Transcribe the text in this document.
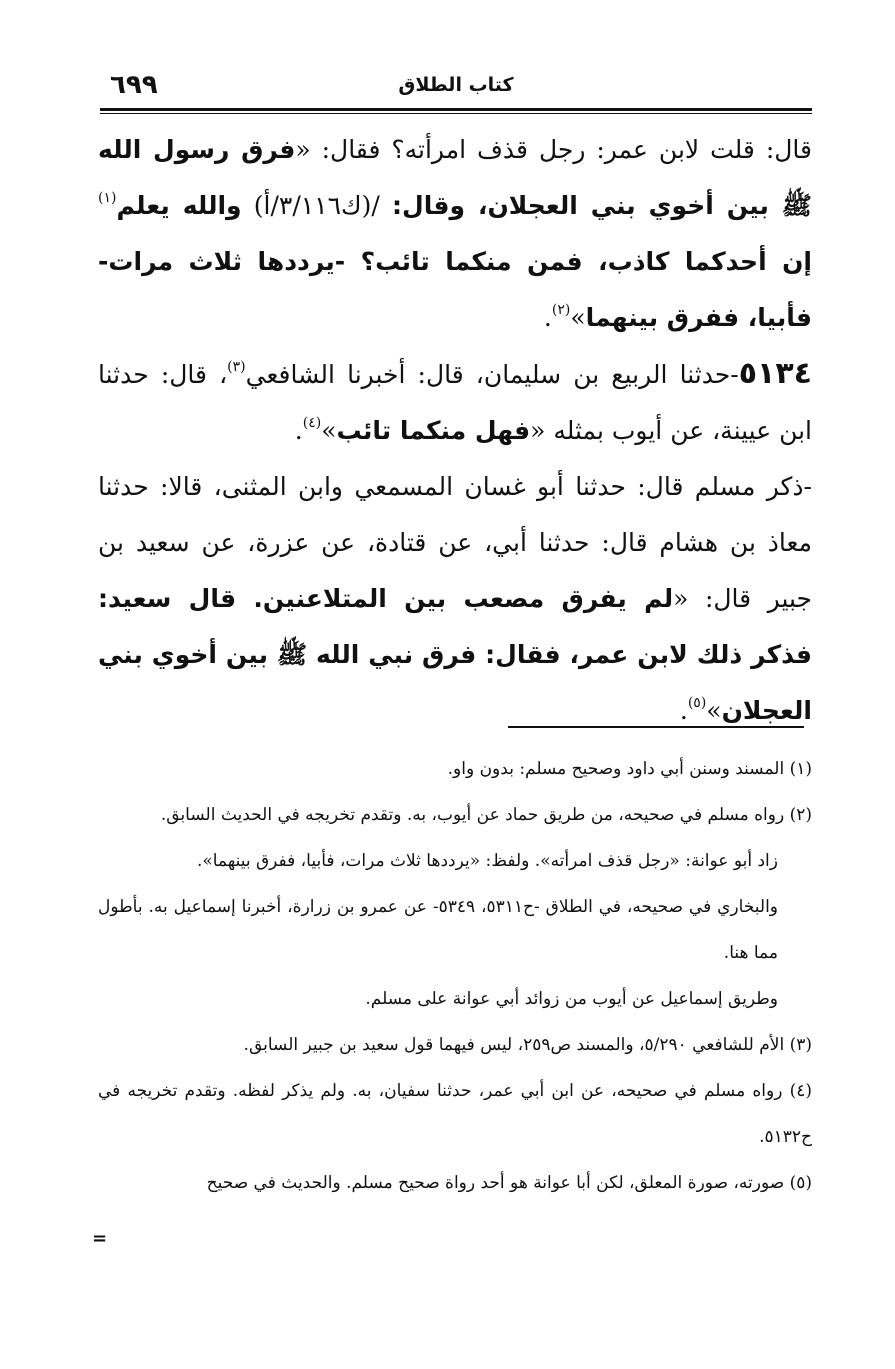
٦٩٩	كتاب الطلاق

قال: قلت لابن عمر: رجل قذف امرأته؟ فقال: «فرق رسول الله ﷺ بين أخوي بني العجلان، وقال: /(ك٣/١١٦/أ) والله يعلم$^{(١)}$ إن أحدكما كاذب، فمن منكما تائب؟ -يرددها ثلاث مرات- فأبيا، ففرق بينهما»$^{(٢)}$.

٥١٣٤-حدثنا الربيع بن سليمان، قال: أخبرنا الشافعي$^{(٣)}$، قال: حدثنا ابن عيينة، عن أيوب بمثله «فهل منكما تائب»$^{(٤)}$.

-ذكر مسلم قال: حدثنا أبو غسان المسمعي وابن المثنى، قالا: حدثنا معاذ بن هشام قال: حدثنا أبي، عن قتادة، عن عزرة، عن سعيد بن جبير قال: «لم يفرق مصعب بين المتلاعنين. قال سعيد: فذكر ذلك لابن عمر، فقال: فرق نبي الله ﷺ بين أخوي بني العجلان»$^{(٥)}$.

(١) المسند وسنن أبي داود وصحيح مسلم: بدون واو.

(٢) رواه مسلم في صحيحه، من طريق حماد عن أيوب، به. وتقدم تخريجه في الحديث السابق.

زاد أبو عوانة: «رجل قذف امرأته». ولفظ: «يرددها ثلاث مرات، فأبيا، ففرق بينهما».

والبخاري في صحيحه، في الطلاق -ح٥٣١١، ٥٣٤٩- عن عمرو بن زرارة، أخبرنا إسماعيل به. بأطول مما هنا.

وطريق إسماعيل عن أيوب من زوائد أبي عوانة على مسلم.

(٣) الأم للشافعي ٥/٢٩٠، والمسند ص٢٥٩، ليس فيهما قول سعيد بن جبير السابق.

(٤) رواه مسلم في صحيحه، عن ابن أبي عمر، حدثنا سفيان، به. ولم يذكر لفظه. وتقدم تخريجه في ح٥١٣٢.

(٥) صورته، صورة المعلق، لكن أبا عوانة هو أحد رواة صحيح مسلم. والحديث في صحيح

=
